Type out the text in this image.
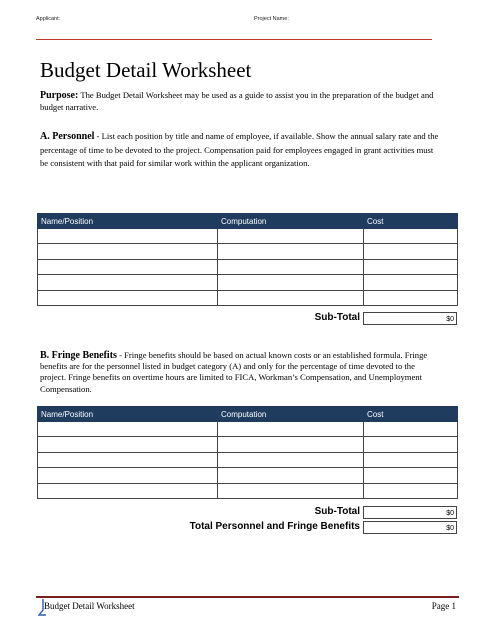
Applicant:	Project Name:
Budget Detail Worksheet
Purpose: The Budget Detail Worksheet may be used as a guide to assist you in the preparation of the budget and budget narrative.
A. Personnel - List each position by title and name of employee, if available. Show the annual salary rate and the percentage of time to be devoted to the project. Compensation paid for employees engaged in grant activities must be consistent with that paid for similar work within the applicant organization.
Name/Position	Computation	Cost

Sub-Total	$0
B. Fringe Benefits - Fringe benefits should be based on actual known costs or an established formula. Fringe benefits are for the personnel listed in budget category (A) and only for the percentage of time devoted to the project. Fringe benefits on overtime hours are limited to FICA, Workman’s Compensation, and Unemployment Compensation.
Name/Position	Computation	Cost

Sub-Total	$0
Total Personnel and Fringe Benefits	$0
Budget Detail Worksheet	Page 1
